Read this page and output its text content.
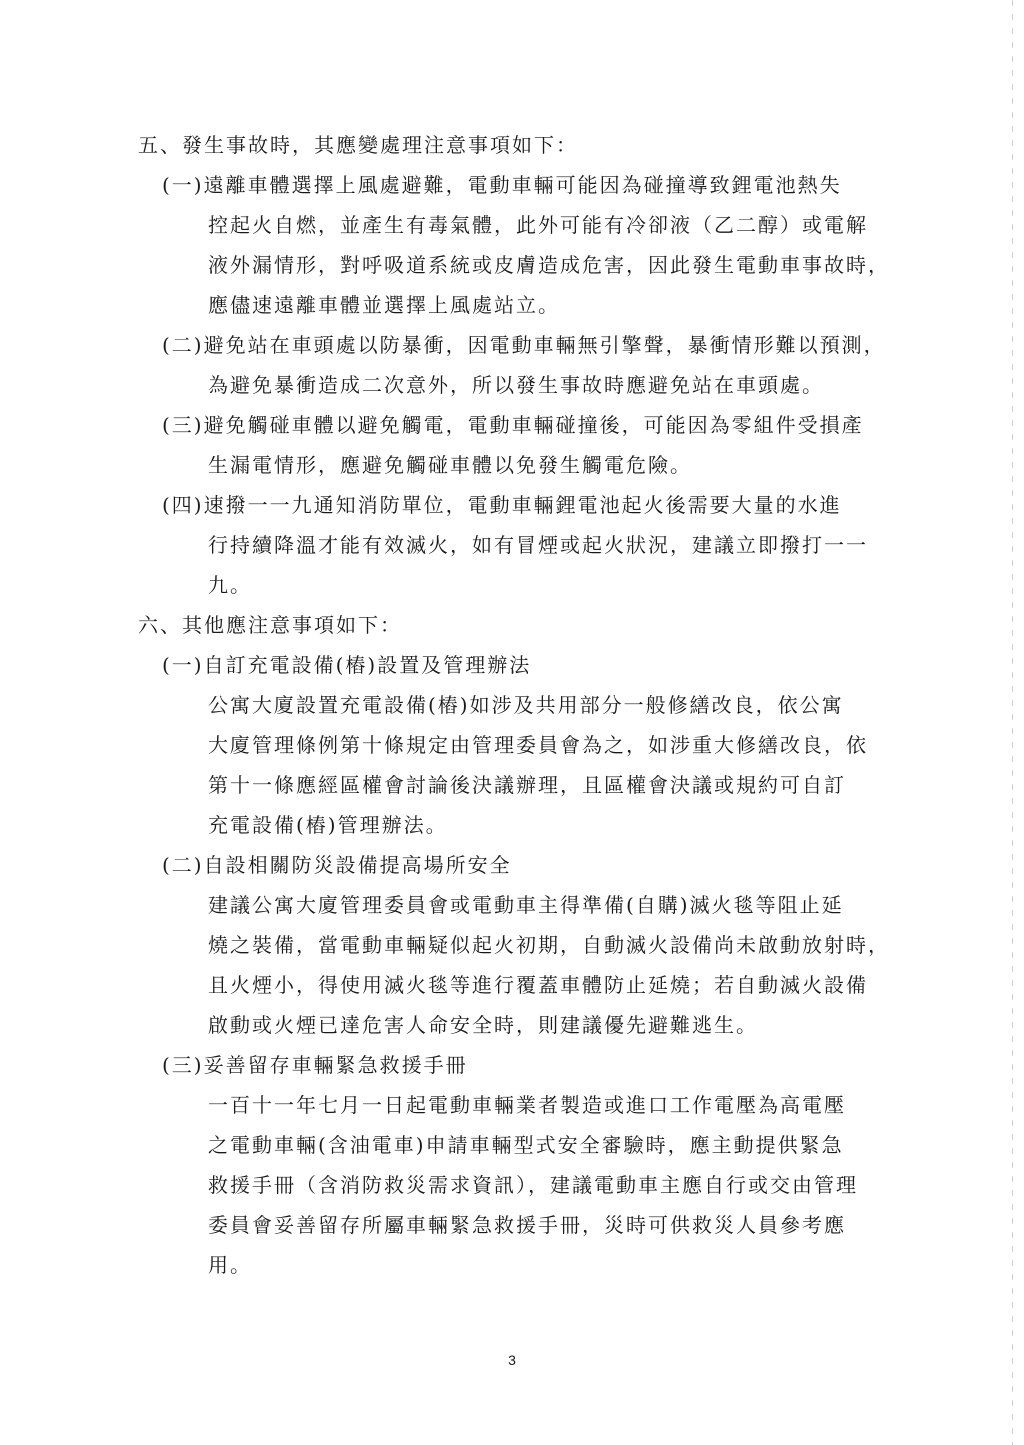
五、發生事故時，其應變處理注意事項如下：
(一)遠離車體選擇上風處避難，電動車輛可能因為碰撞導致鋰電池熱失
控起火自燃，並產生有毒氣體，此外可能有冷卻液（乙二醇）或電解
液外漏情形，對呼吸道系統或皮膚造成危害，因此發生電動車事故時，
應儘速遠離車體並選擇上風處站立。
(二)避免站在車頭處以防暴衝，因電動車輛無引擎聲，暴衝情形難以預測，
為避免暴衝造成二次意外，所以發生事故時應避免站在車頭處。
(三)避免觸碰車體以避免觸電，電動車輛碰撞後，可能因為零組件受損產
生漏電情形，應避免觸碰車體以免發生觸電危險。
(四)速撥一一九通知消防單位，電動車輛鋰電池起火後需要大量的水進
行持續降溫才能有效滅火，如有冒煙或起火狀況，建議立即撥打一一
九。
六、其他應注意事項如下：
(一)自訂充電設備(樁)設置及管理辦法
公寓大廈設置充電設備(樁)如涉及共用部分一般修繕改良，依公寓
大廈管理條例第十條規定由管理委員會為之，如涉重大修繕改良，依
第十一條應經區權會討論後決議辦理，且區權會決議或規約可自訂
充電設備(樁)管理辦法。
(二)自設相關防災設備提高場所安全
建議公寓大廈管理委員會或電動車主得準備(自購)滅火毯等阻止延
燒之裝備，當電動車輛疑似起火初期，自動滅火設備尚未啟動放射時，
且火煙小，得使用滅火毯等進行覆蓋車體防止延燒；若自動滅火設備
啟動或火煙已達危害人命安全時，則建議優先避難逃生。
(三)妥善留存車輛緊急救援手冊
一百十一年七月一日起電動車輛業者製造或進口工作電壓為高電壓
之電動車輛(含油電車)申請車輛型式安全審驗時，應主動提供緊急
救援手冊（含消防救災需求資訊），建議電動車主應自行或交由管理
委員會妥善留存所屬車輛緊急救援手冊，災時可供救災人員參考應
用。
3
